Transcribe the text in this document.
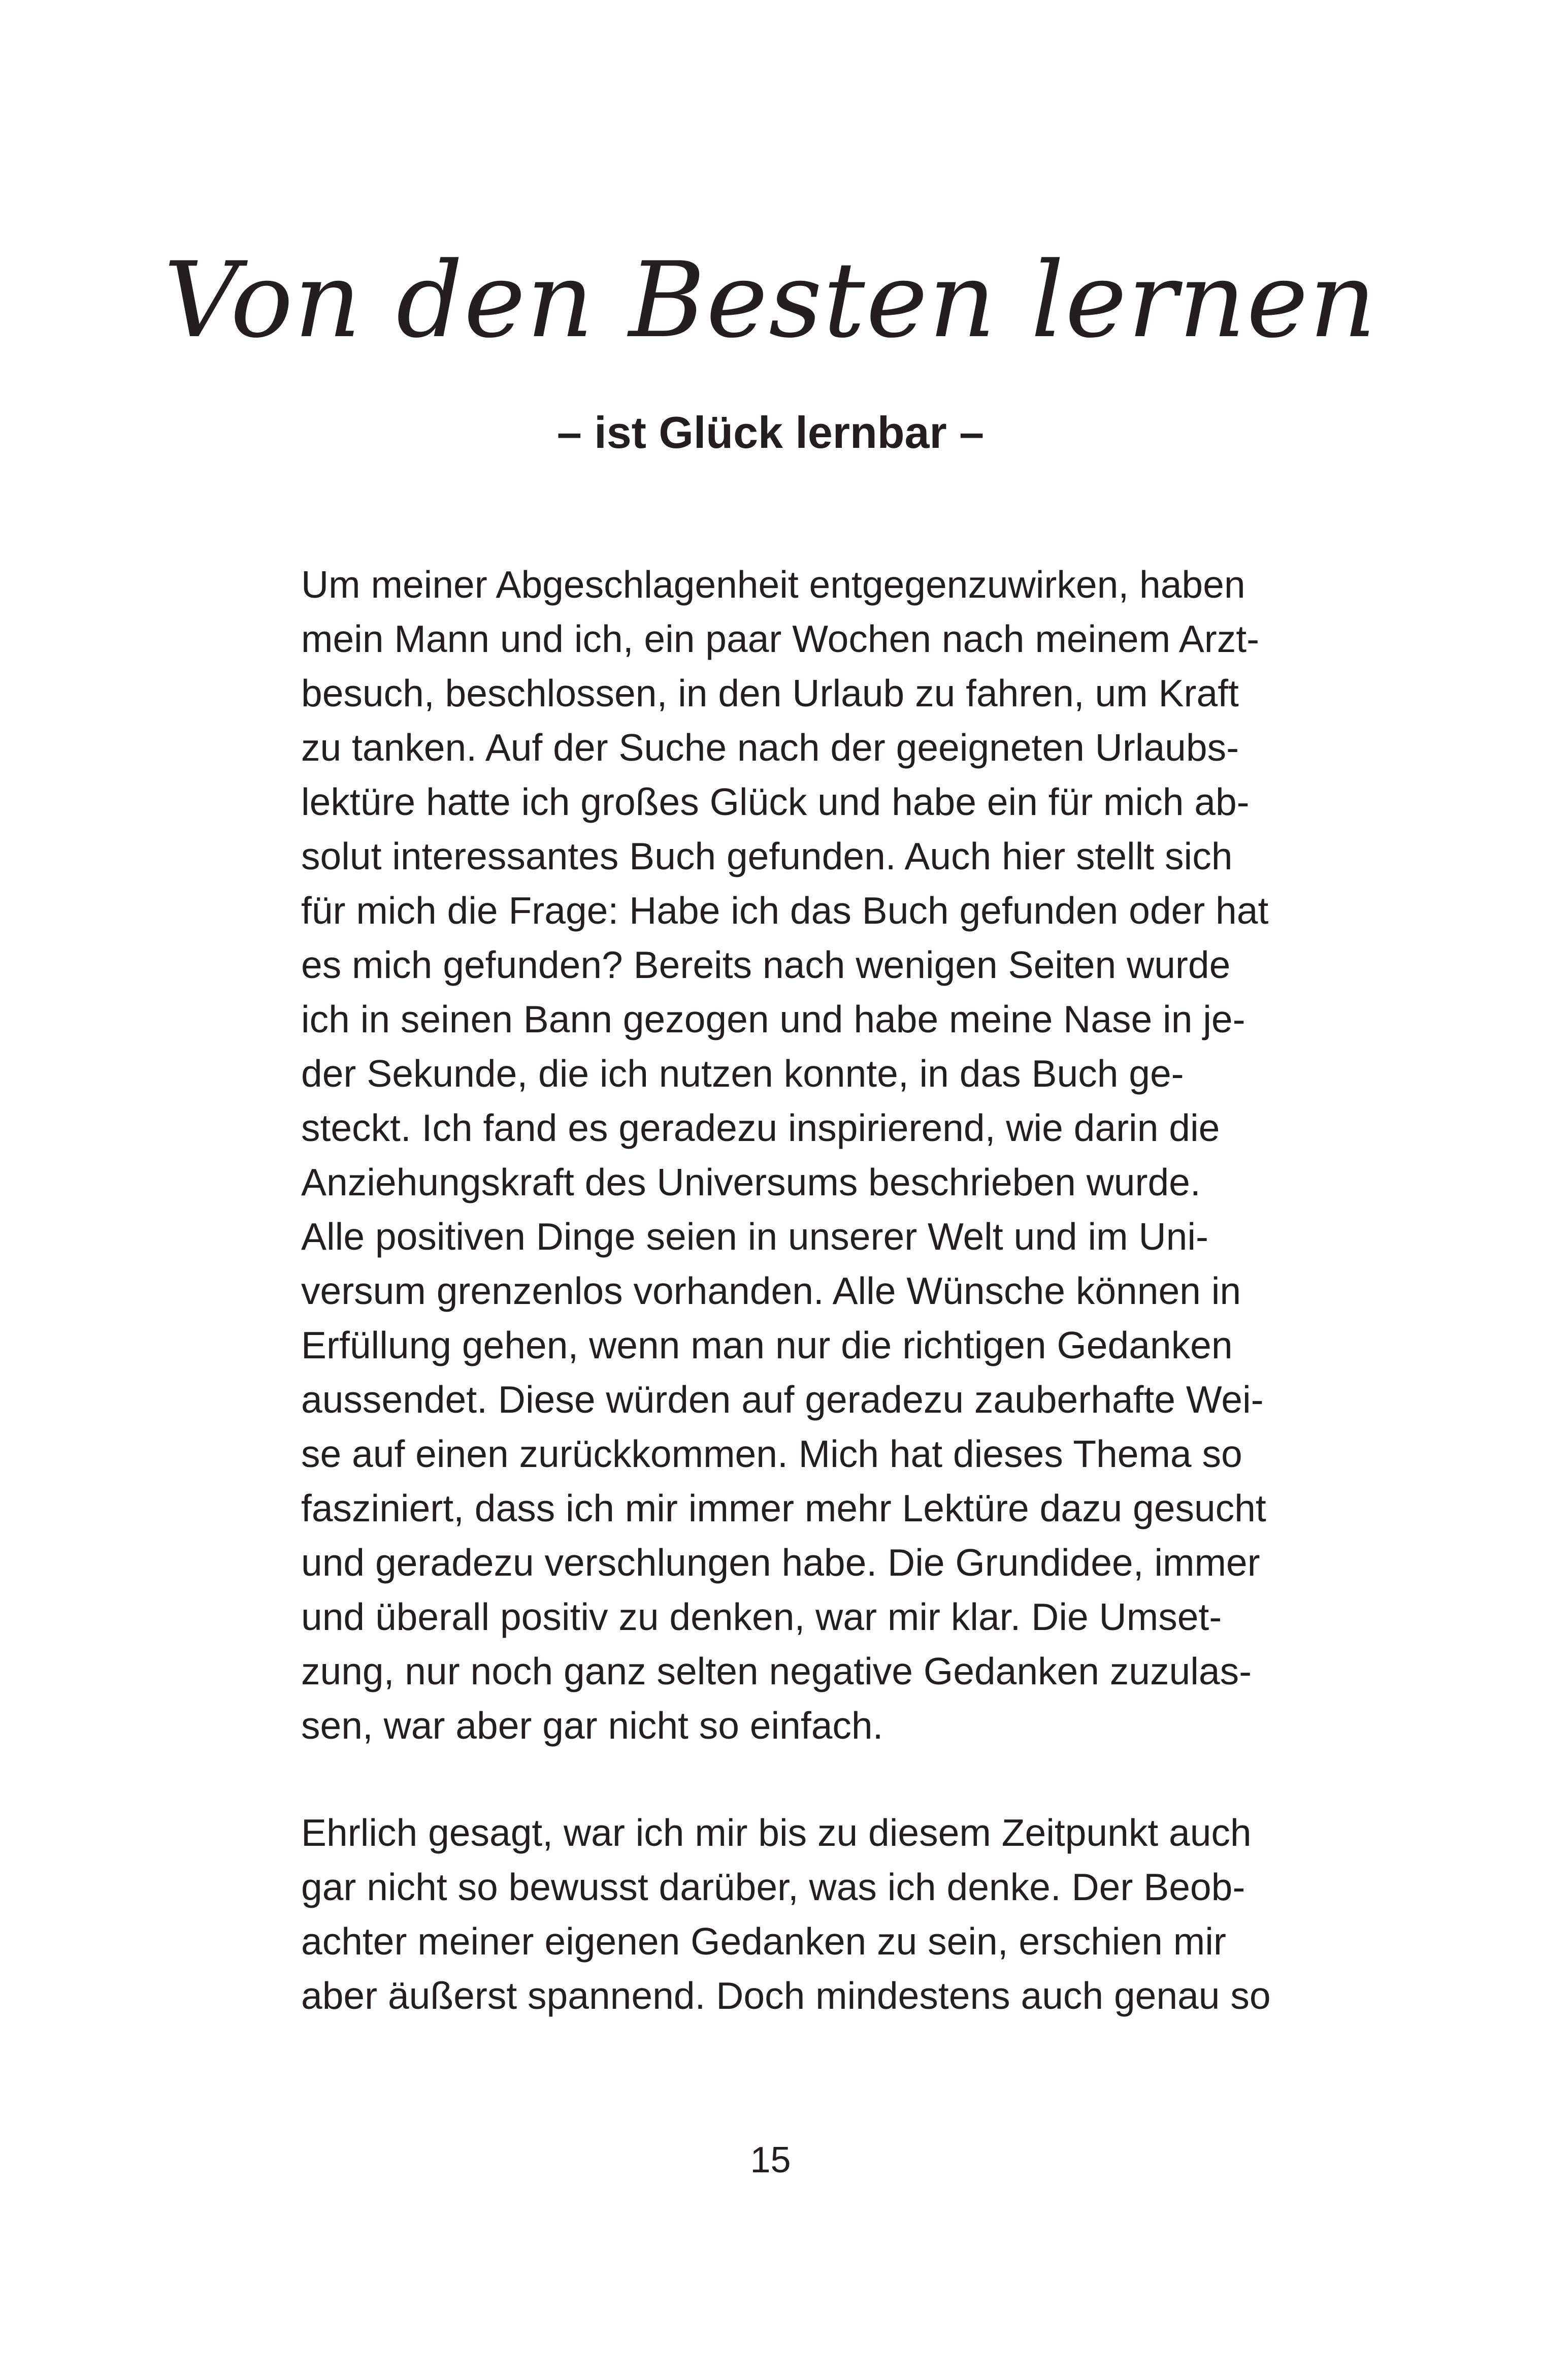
Von den Besten lernen
– ist Glück lernbar –
Um meiner Abgeschlagenheit entgegenzuwirken, haben
mein Mann und ich, ein paar Wochen nach meinem Arzt-
besuch, beschlossen, in den Urlaub zu fahren, um Kraft
zu tanken. Auf der Suche nach der geeigneten Urlaubs-
lektüre hatte ich großes Glück und habe ein für mich ab-
solut interessantes Buch gefunden. Auch hier stellt sich
für mich die Frage: Habe ich das Buch gefunden oder hat
es mich gefunden? Bereits nach wenigen Seiten wurde
ich in seinen Bann gezogen und habe meine Nase in je-
der Sekunde, die ich nutzen konnte, in das Buch ge-
steckt. Ich fand es geradezu inspirierend, wie darin die
Anziehungskraft des Universums beschrieben wurde.
Alle positiven Dinge seien in unserer Welt und im Uni-
versum grenzenlos vorhanden. Alle Wünsche können in
Erfüllung gehen, wenn man nur die richtigen Gedanken
aussendet. Diese würden auf geradezu zauberhafte Wei-
se auf einen zurückkommen. Mich hat dieses Thema so
fasziniert, dass ich mir immer mehr Lektüre dazu gesucht
und geradezu verschlungen habe. Die Grundidee, immer
und überall positiv zu denken, war mir klar. Die Umset-
zung, nur noch ganz selten negative Gedanken zuzulas-
sen, war aber gar nicht so einfach.
Ehrlich gesagt, war ich mir bis zu diesem Zeitpunkt auch
gar nicht so bewusst darüber, was ich denke. Der Beob-
achter meiner eigenen Gedanken zu sein, erschien mir
aber äußerst spannend. Doch mindestens auch genau so
15
